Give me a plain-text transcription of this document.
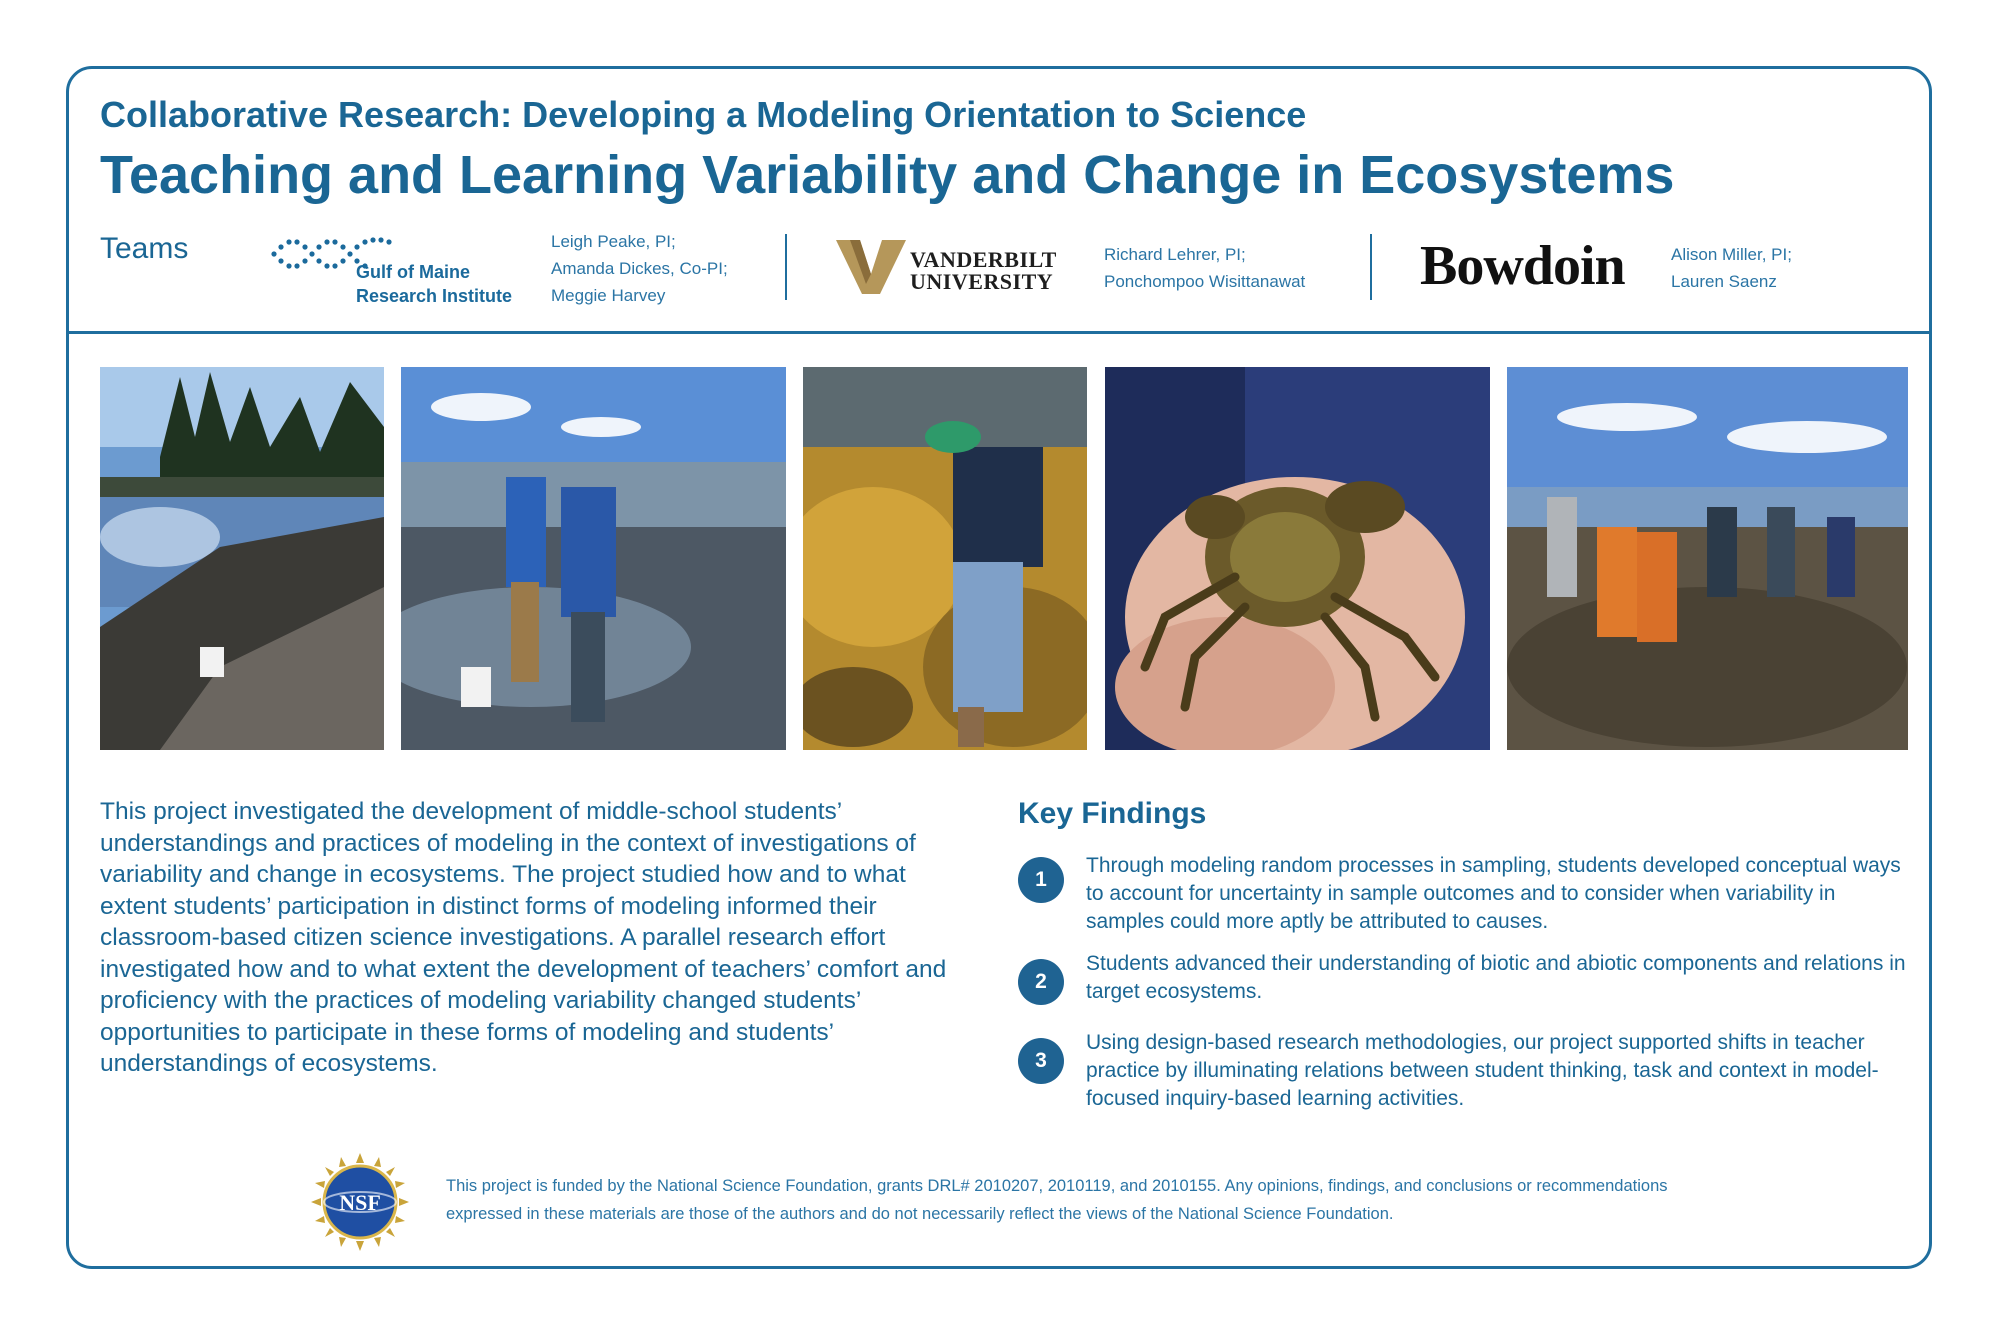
Collaborative Research: Developing a Modeling Orientation to Science
Teaching and Learning Variability and Change in Ecosystems
Teams
Gulf of Maine
Research Institute
Leigh Peake, PI;
Amanda Dickes, Co-PI;
Meggie Harvey
VANDERBILT
UNIVERSITY
Richard Lehrer, PI;
Ponchompoo Wisittanawat Bowdoin	Alison Miller, PI;
Lauren Saenz
This project investigated the development of middle-school students’ understandings and practices of modeling in the context of investigations of variability and change in ecosystems. The project studied how and to what extent students’ participation in distinct forms of modeling informed their classroom-based citizen science investigations. A parallel research effort investigated how and to what extent the development of teachers’ comfort and proficiency with the practices of modeling variability changed students’ opportunities to participate in these forms of modeling and students’ understandings of ecosystems.
Key Findings
1
Through modeling random processes in sampling, students developed conceptual ways to account for uncertainty in sample outcomes and to consider when variability in samples could more aptly be attributed to causes.
2
Students advanced their understanding of biotic and abiotic components and relations in target ecosystems.
3
Using design-based research methodologies, our project supported shifts in teacher practice by illuminating relations between student thinking, task and context in model-focused inquiry-based learning activities.
NSF
This project is funded by the National Science Foundation, grants DRL# 2010207, 2010119, and 2010155. Any opinions, findings, and conclusions or recommendations expressed in these materials are those of the authors and do not necessarily reflect the views of the National Science Foundation.
